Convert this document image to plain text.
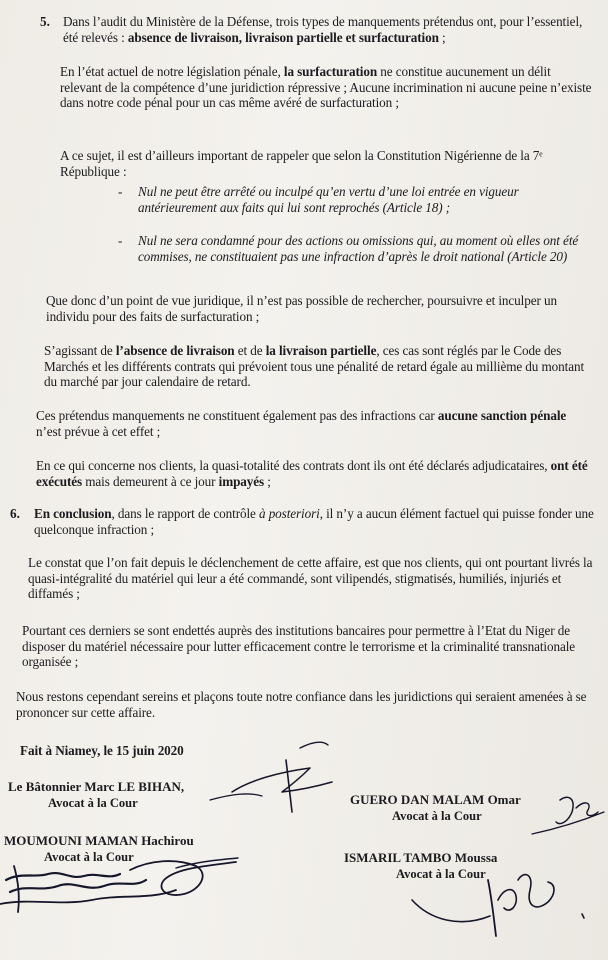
5. Dans l’audit du Ministère de la Défense, trois types de manquements prétendus ont, pour l’essentiel, été relevés : absence de livraison, livraison partielle et surfacturation ;

En l’état actuel de notre législation pénale, la surfacturation ne constitue aucunement un délit relevant de la compétence d’une juridiction répressive ; Aucune incrimination ni aucune peine n’existe dans notre code pénal pour un cas même avéré de surfacturation ;

A ce sujet, il est d’ailleurs important de rappeler que selon la Constitution Nigérienne de la 7ᵉ République :

- Nul ne peut être arrêté ou inculpé qu’en vertu d’une loi entrée en vigueur antérieurement aux faits qui lui sont reprochés (Article 18) ;

- Nul ne sera condamné pour des actions ou omissions qui, au moment où elles ont été commises, ne constituaient pas une infraction d’après le droit national (Article 20)

Que donc d’un point de vue juridique, il n’est pas possible de rechercher, poursuivre et inculper un individu pour des faits de surfacturation ;

S’agissant de l’absence de livraison et de la livraison partielle, ces cas sont réglés par le Code des Marchés et les différents contrats qui prévoient tous une pénalité de retard égale au millième du montant du marché par jour calendaire de retard.

Ces prétendus manquements ne constituent également pas des infractions car aucune sanction pénale n’est prévue à cet effet ;

En ce qui concerne nos clients, la quasi-totalité des contrats dont ils ont été déclarés adjudicataires, ont été exécutés mais demeurent à ce jour impayés ;

6. En conclusion, dans le rapport de contrôle à posteriori, il n’y a aucun élément factuel qui puisse fonder une quelconque infraction ;

Le constat que l’on fait depuis le déclenchement de cette affaire, est que nos clients, qui ont pourtant livrés la quasi-intégralité du matériel qui leur a été commandé, sont vilipendés, stigmatisés, humiliés, injuriés et diffamés ;

Pourtant ces derniers se sont endettés auprès des institutions bancaires pour permettre à l’Etat du Niger de disposer du matériel nécessaire pour lutter efficacement contre le terrorisme et la criminalité transnationale organisée ;

Nous restons cependant sereins et plaçons toute notre confiance dans les juridictions qui seraient amenées à se prononcer sur cette affaire.

Fait à Niamey, le 15 juin 2020

Le Bâtonnier Marc LE BIHAN,
Avocat à la Cour	GUERO DAN MALAM Omar
Avocat à la Cour
MOUMOUNI MAMAN Hachirou
Avocat à la Cour	ISMARIL TAMBO Moussa
Avocat à la Cour
